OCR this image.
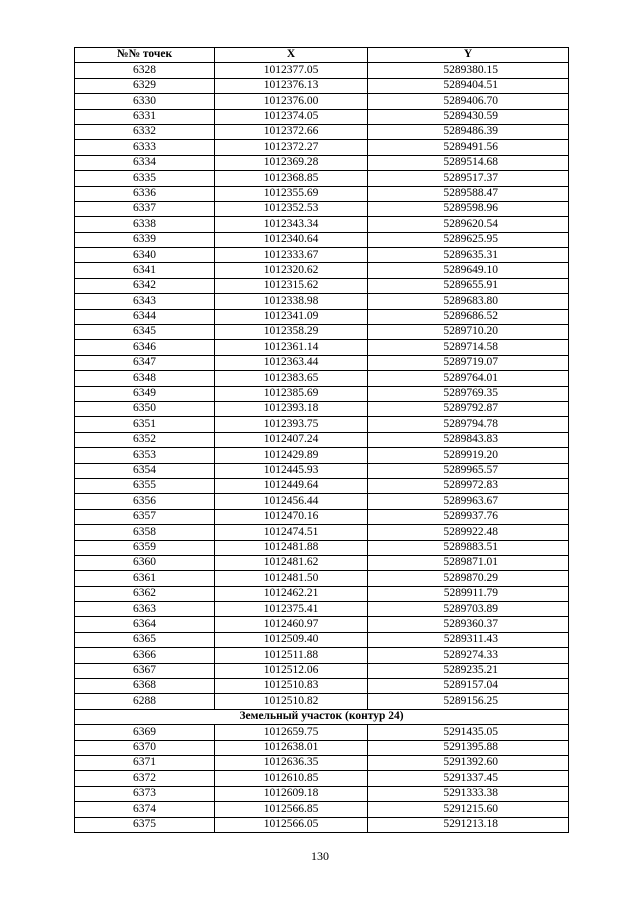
№№ точек	X	Y
6328	1012377.05	5289380.15
6329	1012376.13	5289404.51
6330	1012376.00	5289406.70
6331	1012374.05	5289430.59
6332	1012372.66	5289486.39
6333	1012372.27	5289491.56
6334	1012369.28	5289514.68
6335	1012368.85	5289517.37
6336	1012355.69	5289588.47
6337	1012352.53	5289598.96
6338	1012343.34	5289620.54
6339	1012340.64	5289625.95
6340	1012333.67	5289635.31
6341	1012320.62	5289649.10
6342	1012315.62	5289655.91
6343	1012338.98	5289683.80
6344	1012341.09	5289686.52
6345	1012358.29	5289710.20
6346	1012361.14	5289714.58
6347	1012363.44	5289719.07
6348	1012383.65	5289764.01
6349	1012385.69	5289769.35
6350	1012393.18	5289792.87
6351	1012393.75	5289794.78
6352	1012407.24	5289843.83
6353	1012429.89	5289919.20
6354	1012445.93	5289965.57
6355	1012449.64	5289972.83
6356	1012456.44	5289963.67
6357	1012470.16	5289937.76
6358	1012474.51	5289922.48
6359	1012481.88	5289883.51
6360	1012481.62	5289871.01
6361	1012481.50	5289870.29
6362	1012462.21	5289911.79
6363	1012375.41	5289703.89
6364	1012460.97	5289360.37
6365	1012509.40	5289311.43
6366	1012511.88	5289274.33
6367	1012512.06	5289235.21
6368	1012510.83	5289157.04
6288	1012510.82	5289156.25
Земельный участок (контур 24)		
6369	1012659.75	5291435.05
6370	1012638.01	5291395.88
6371	1012636.35	5291392.60
6372	1012610.85	5291337.45
6373	1012609.18	5291333.38
6374	1012566.85	5291215.60
6375	1012566.05	5291213.18
130
